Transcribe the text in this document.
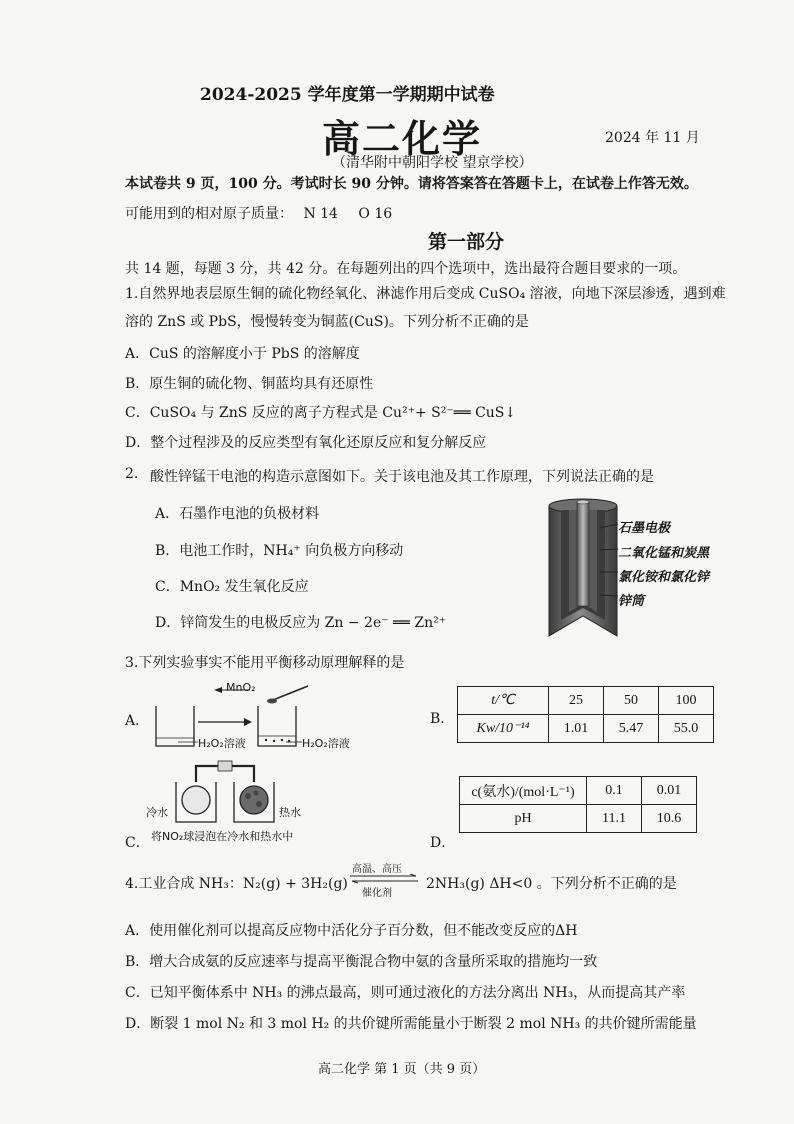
2024-2025 学年度第一学期期中试卷
高二化学	2024 年 11 月
（清华附中朝阳学校 望京学校）
本试卷共 9 页，100 分。考试时长 90 分钟。请将答案答在答题卡上，在试卷上作答无效。
可能用到的相对原子质量： N 14 O 16
第一部分
共 14 题，每题 3 分，共 42 分。在每题列出的四个选项中，选出最符合题目要求的一项。
1.自然界地表层原生铜的硫化物经氧化、淋滤作用后变成 CuSO₄ 溶液，向地下深层渗透，遇到难
溶的 ZnS 或 PbS，慢慢转变为铜蓝(CuS)。下列分析不正确的是
A．CuS 的溶解度小于 PbS 的溶解度
B．原生铜的硫化物、铜蓝均具有还原性
C．CuSO₄ 与 ZnS 反应的离子方程式是 Cu²⁺+ S²⁻══ CuS↓
D．整个过程涉及的反应类型有氧化还原反应和复分解反应
2. 酸性锌锰干电池的构造示意图如下。关于该电池及其工作原理，下列说法正确的是
A．石墨作电池的负极材料
B．电池工作时，NH₄⁺ 向负极方向移动
C．MnO₂ 发生氧化反应
D．锌筒发生的电极反应为 Zn − 2e⁻ ══ Zn²⁺
石墨电极
二氧化锰和炭黑
氯化铵和氯化锌
锌筒
3.下列实验事实不能用平衡移动原理解释的是
A．
MnO₂
H₂O₂溶液	H₂O₂溶液
B．
t/℃	25	50	100
Kw/10⁻¹⁴	1.01	5.47	55.0
冷水	热水
将NO₂球浸泡在冷水和热水中
C．	D．
c(氨水)/(mol·L⁻¹)	0.1	0.01
pH	11.1	10.6
4.工业合成 NH₃：N₂(g) + 3H₂(g)
高温、高压
催化剂
2NH₃(g) ΔH<0 。下列分析不正确的是
A．使用催化剂可以提高反应物中活化分子百分数，但不能改变反应的ΔH
B．增大合成氨的反应速率与提高平衡混合物中氨的含量所采取的措施均一致
C．已知平衡体系中 NH₃ 的沸点最高，则可通过液化的方法分离出 NH₃，从而提高其产率
D．断裂 1 mol N₂ 和 3 mol H₂ 的共价键所需能量小于断裂 2 mol NH₃ 的共价键所需能量
高二化学 第 1 页（共 9 页）
